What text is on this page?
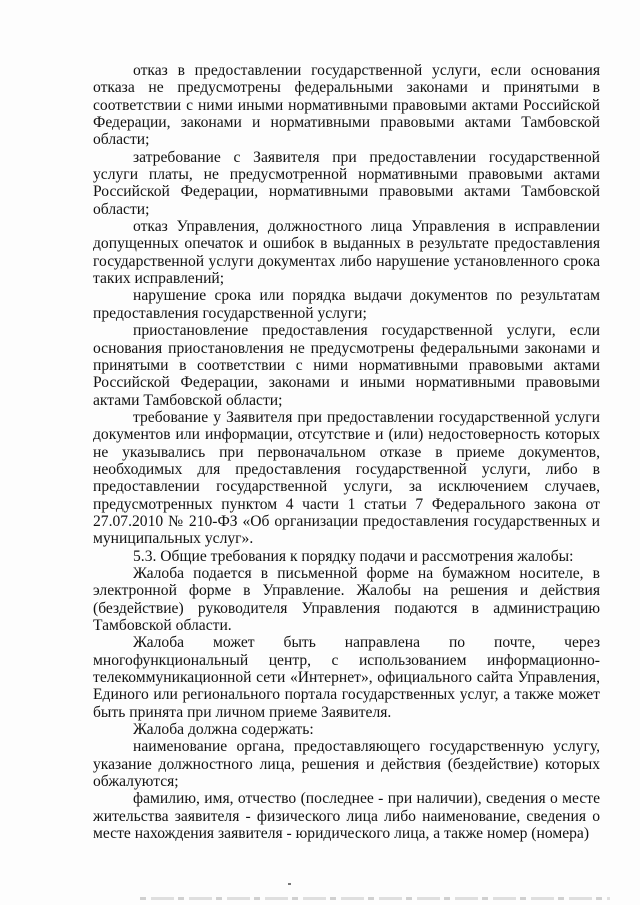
отказ в предоставлении государственной услуги, если основания отказа не предусмотрены федеральными законами и принятыми в соответствии с ними иными нормативными правовыми актами Российской Федерации, законами и нормативными правовыми актами Тамбовской области;

затребование с Заявителя при предоставлении государственной услуги платы, не предусмотренной нормативными правовыми актами Российской Федерации, нормативными правовыми актами Тамбовской области;

отказ Управления, должностного лица Управления в исправлении допущенных опечаток и ошибок в выданных в результате предоставления государственной услуги документах либо нарушение установленного срока таких исправлений;

нарушение срока или порядка выдачи документов по результатам предоставления государственной услуги;

приостановление предоставления государственной услуги, если основания приостановления не предусмотрены федеральными законами и принятыми в соответствии с ними нормативными правовыми актами Российской Федерации, законами и иными нормативными правовыми актами Тамбовской области;

требование у Заявителя при предоставлении государственной услуги документов или информации, отсутствие и (или) недостоверность которых не указывались при первоначальном отказе в приеме документов, необходимых для предоставления государственной услуги, либо в предоставлении государственной услуги, за исключением случаев, предусмотренных пунктом 4 части 1 статьи 7 Федерального закона от 27.07.2010 № 210-ФЗ «Об организации предоставления государственных и муниципальных услуг».

5.3. Общие требования к порядку подачи и рассмотрения жалобы:

Жалоба подается в письменной форме на бумажном носителе, в электронной форме в Управление. Жалобы на решения и действия (бездействие) руководителя Управления подаются в администрацию Тамбовской области.

Жалоба может быть направлена по почте, через многофункциональный центр, с использованием информационно-телекоммуникационной сети «Интернет», официального сайта Управления, Единого или регионального портала государственных услуг, а также может быть принята при личном приеме Заявителя.

Жалоба должна содержать:

наименование органа, предоставляющего государственную услугу, указание должностного лица, решения и действия (бездействие) которых обжалуются;

фамилию, имя, отчество (последнее - при наличии), сведения о месте жительства заявителя - физического лица либо наименование, сведения о месте нахождения заявителя - юридического лица, а также номер (номера)
